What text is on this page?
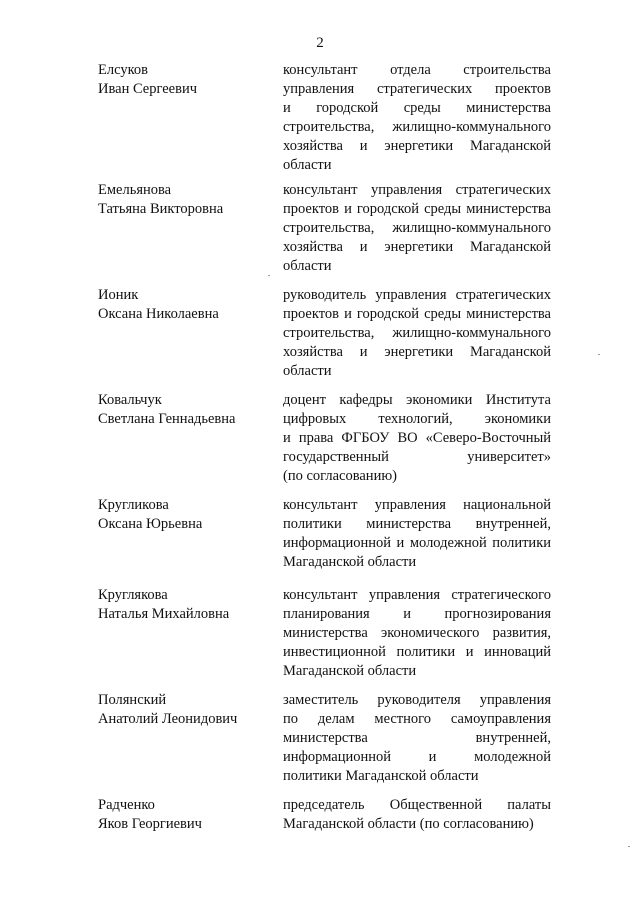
2
Елсуков
Иван Сергеевич
консультант отдела строительства
управления стратегических проектов
и городской среды министерства
строительства, жилищно-коммунального
хозяйства и энергетики Магаданской
области
Емельянова
Татьяна Викторовна
консультант управления стратегических
проектов и городской среды министерства
строительства, жилищно-коммунального
хозяйства и энергетики Магаданской
области
Ионик
Оксана Николаевна
руководитель управления стратегических
проектов и городской среды министерства
строительства, жилищно-коммунального
хозяйства и энергетики Магаданской
области
Ковальчук
Светлана Геннадьевна
доцент кафедры экономики Института
цифровых технологий, экономики
и права ФГБОУ ВО «Северо-Восточный
государственный университет»
(по согласованию)
Кругликова
Оксана Юрьевна
консультант управления национальной
политики министерства внутренней,
информационной и молодежной политики
Магаданской области
Круглякова
Наталья Михайловна
консультант управления стратегического
планирования и прогнозирования
министерства экономического развития,
инвестиционной политики и инноваций
Магаданской области
Полянский
Анатолий Леонидович
заместитель руководителя управления
по делам местного самоуправления
министерства внутренней,
информационной и молодежной
политики Магаданской области
Радченко
Яков Георгиевич
председатель Общественной палаты
Магаданской области (по согласованию)
